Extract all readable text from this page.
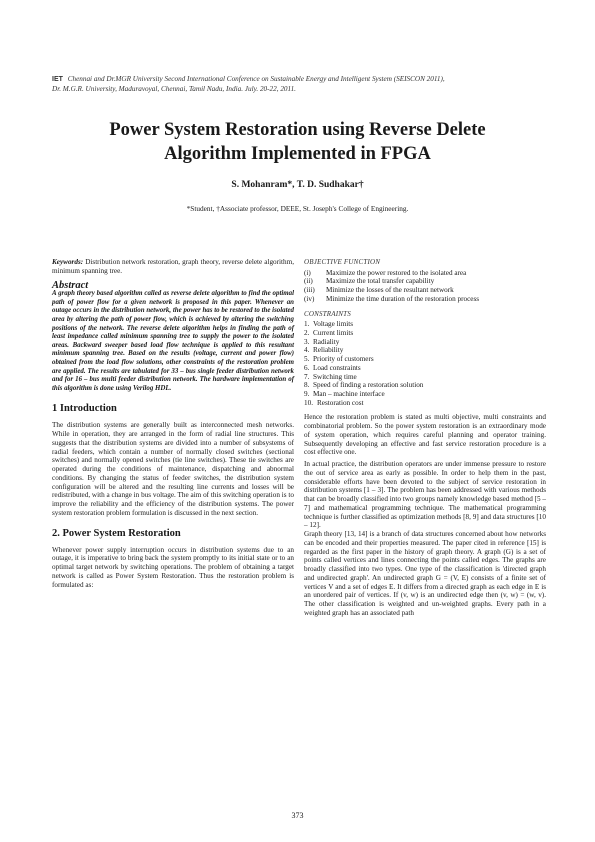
IET Chennai and Dr.MGR University Second International Conference on Sustainable Energy and Intelligent System (SEISCON 2011),
Dr. M.G.R. University, Maduravoyal, Chennai, Tamil Nadu, India. July. 20-22, 2011.
Power System Restoration using Reverse Delete
Algorithm Implemented in FPGA
S. Mohanram*, T. D. Sudhakar†
*Student, †Associate professor, DEEE, St. Joseph's College of Engineering.

Keywords: Distribution network restoration, graph theory, reverse delete algorithm, minimum spanning tree.

Abstract

A graph theory based algorithm called as reverse delete algorithm to find the optimal path of power flow for a given network is proposed in this paper. Whenever an outage occurs in the distribution network, the power has to be restored to the isolated area by altering the path of power flow, which is achieved by altering the switching positions of the network. The reverse delete algorithm helps in finding the path of least impedance called minimum spanning tree to supply the power to the isolated areas. Backward sweeper based load flow technique is applied to this resultant minimum spanning tree. Based on the results (voltage, current and power flow) obtained from the load flow solutions, other constraints of the restoration problem are applied. The results are tabulated for 33 – bus single feeder distribution network and for 16 – bus multi feeder distribution network. The hardware implementation of this algorithm is done using Verilog HDL.

1 Introduction

The distribution systems are generally built as interconnected mesh networks. While in operation, they are arranged in the form of radial line structures. This suggests that the distribution systems are divided into a number of subsystems of radial feeders, which contain a number of normally closed switches (sectional switches) and normally opened switches (tie line switches). These tie switches are operated during the conditions of maintenance, dispatching and abnormal conditions. By changing the status of feeder switches, the distribution system configuration will be altered and the resulting line currents and losses will be redistributed, with a change in bus voltage. The aim of this switching operation is to improve the reliability and the efficiency of the distribution systems. The power system restoration problem formulation is discussed in the next section.

2. Power System Restoration

Whenever power supply interruption occurs in distribution systems due to an outage, it is imperative to bring back the system promptly to its initial state or to an optimal target network by switching operations. The problem of obtaining a target network is called as Power System Restoration. Thus the restoration problem is formulated as:

OBJECTIVE FUNCTION
(i)	Maximize the power restored to the isolated area
(ii)	Maximize the total transfer capability
(iii)	Minimize the losses of the resultant network
(iv)	Minimize the time duration of the restoration process
CONSTRAINTS
1. Voltage limits
2. Current limits
3. Radiality
4. Reliability
5. Priority of customers
6. Load constraints
7. Switching time
8. Speed of finding a restoration solution
9. Man – machine interface
10. Restoration cost

Hence the restoration problem is stated as multi objective, multi constraints and combinatorial problem. So the power system restoration is an extraordinary mode of system operation, which requires careful planning and operator training. Subsequently developing an effective and fast service restoration procedure is a cost effective one.

In actual practice, the distribution operators are under immense pressure to restore the out of service area as early as possible. In order to help them in the past, considerable efforts have been devoted to the subject of service restoration in distribution systems [1 – 3]. The problem has been addressed with various methods that can be broadly classified into two groups namely knowledge based method [5 – 7] and mathematical programming technique. The mathematical programming technique is further classified as optimization methods [8, 9] and data structures [10 – 12].

Graph theory [13, 14] is a branch of data structures concerned about how networks can be encoded and their properties measured. The paper cited in reference [15] is regarded as the first paper in the history of graph theory. A graph (G) is a set of points called vertices and lines connecting the points called edges. The graphs are broadly classified into two types. One type of the classification is 'directed graph and undirected graph'. An undirected graph G = (V, E) consists of a finite set of vertices V and a set of edges E. It differs from a directed graph as each edge in E is an unordered pair of vertices. If (v, w) is an undirected edge then (v, w) = (w, v). The other classification is weighted and un-weighted graphs. Every path in a weighted graph has an associated path

373
